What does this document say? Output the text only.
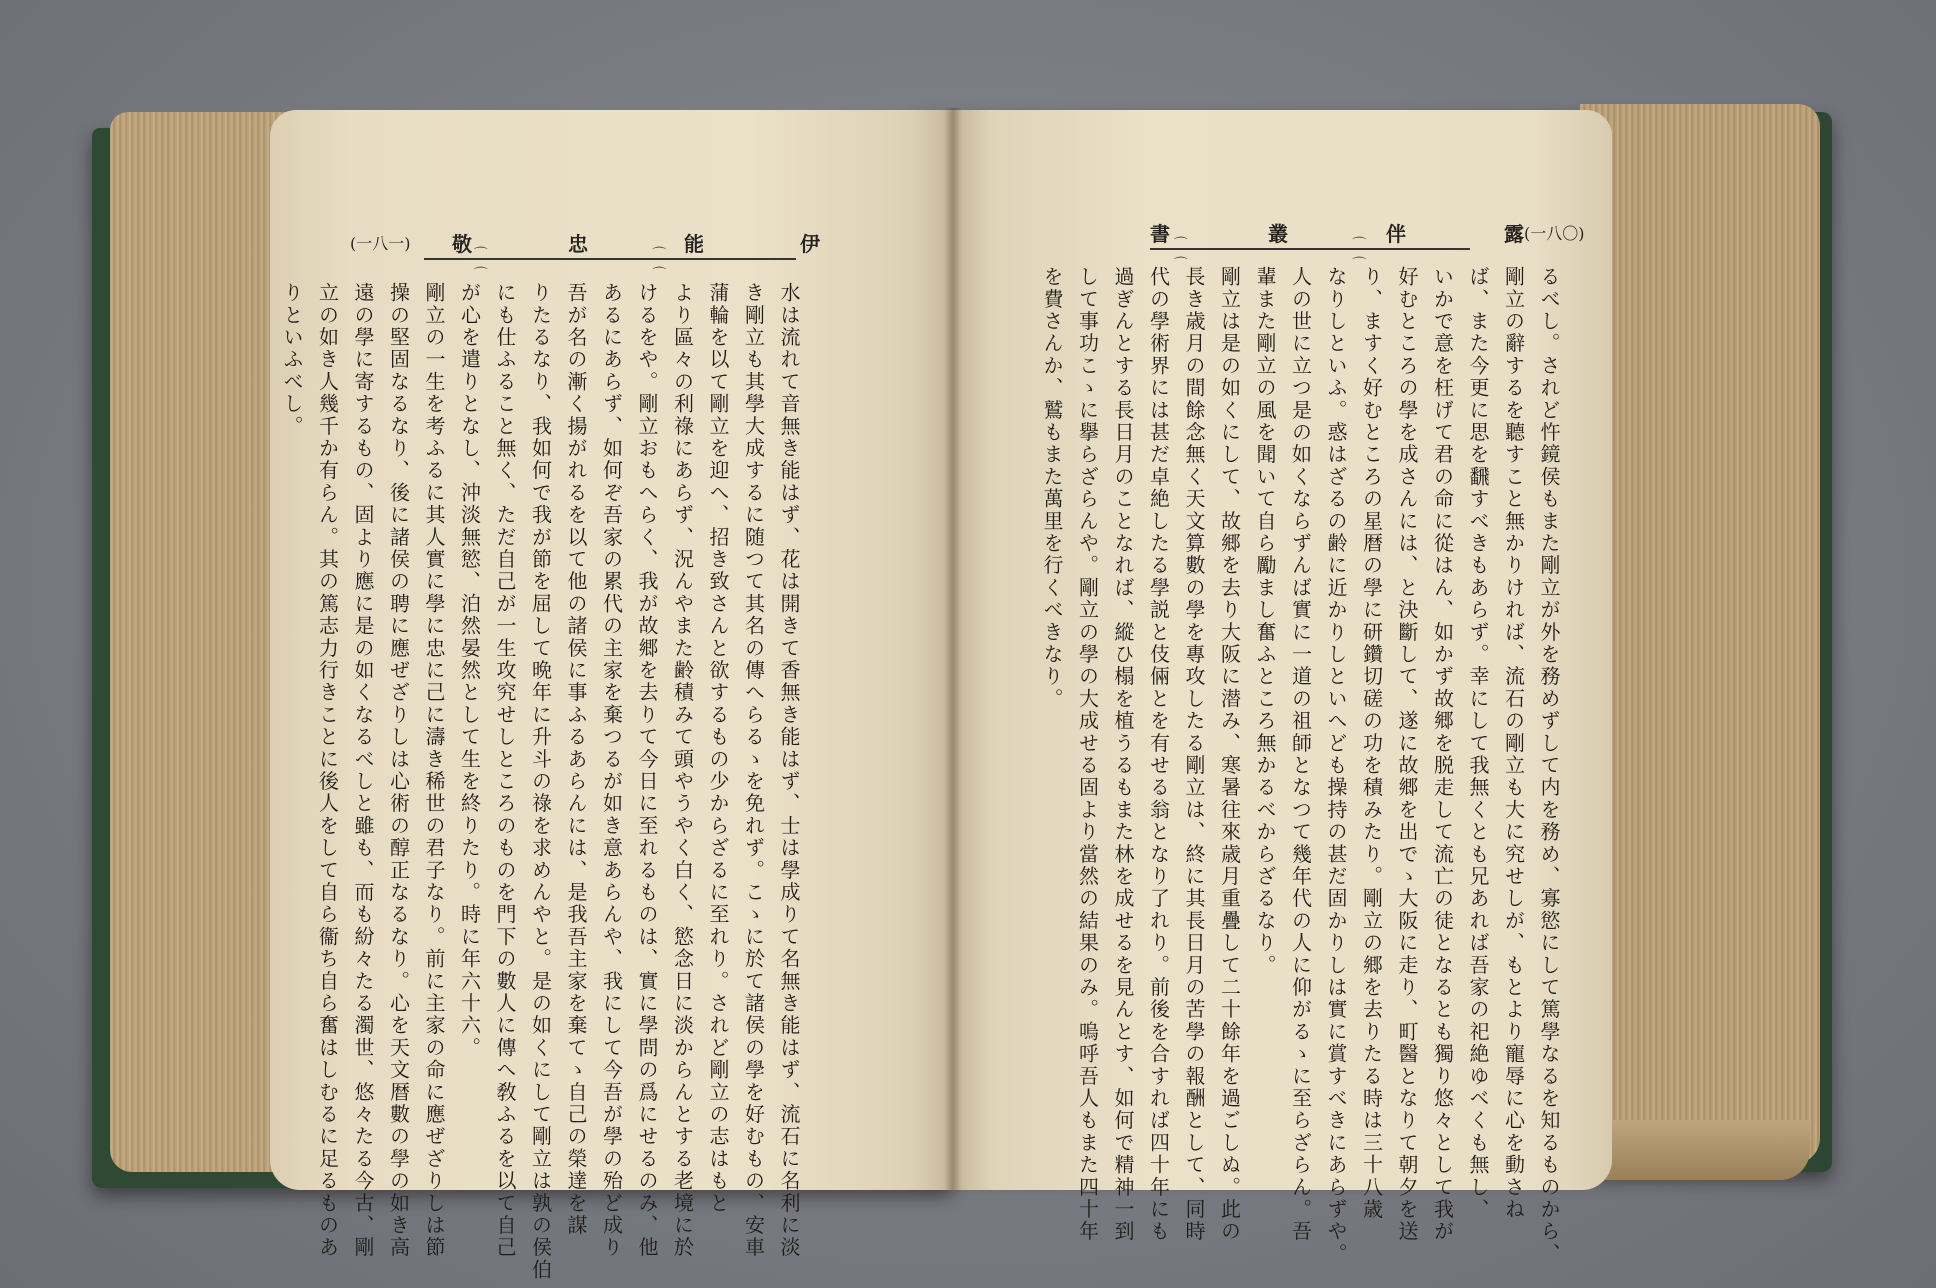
(一八一) 敬	忠	能	伊
⌒ ⌒ ⌒ ⌒	書	叢	伴	露 (一八〇)
⌒ ⌒ ⌒ ⌒
水は流れて音無き能はず、花は開きて香無き能はず、士は學成りて名無き能はず、流石に名利に淡
き剛立も其學大成するに随つて其名の傳へらるゝを免れず。こゝに於て諸侯の學を好むもの、安車
蒲輪を以て剛立を迎へ、招き致さんと欲するもの少からざるに至れり。されど剛立の志はもと
より區々の利祿にあらず、況んやまた齢積みて頭やうやく白く、慾念日に淡からんとする老境に於
けるをや。剛立おもへらく、我が故郷を去りて今日に至れるものは、實に學問の爲にせるのみ、他
あるにあらず、如何ぞ吾家の累代の主家を棄つるが如き意あらんや、我にして今吾が學の殆ど成り
吾が名の漸く揚がれるを以て他の諸侯に事ふるあらんには、是我吾主家を棄てゝ自己の榮達を謀
りたるなり、我如何で我が節を屈して晩年に升斗の祿を求めんやと。是の如くにして剛立は孰の侯伯
にも仕ふること無く、ただ自己が一生攻究せしところのものを門下の數人に傳へ敎ふるを以て自己
が心を遣りとなし、沖淡無慾、泊然晏然として生を終りたり。時に年六十六。
剛立の一生を考ふるに其人實に學に忠に己に濤き稀世の君子なり。前に主家の命に應ぜざりしは節
操の堅固なるなり、後に諸侯の聘に應ぜざりしは心術の醇正なるなり。心を天文暦數の學の如き高
遠の學に寄するもの、固より應に是の如くなるべしと雖も、而も紛々たる濁世、悠々たる今古、剛
立の如き人幾千か有らん。其の篤志力行きことに後人をして自ら衞ち自ら奮はしむるに足るものあ
りといふべし。	るべし。されど忤鏡侯もまた剛立が外を務めずして内を務め、寡慾にして篤學なるを知るものから、
剛立の辭するを聽すこと無かりければ、流石の剛立も大に究せしが、もとより寵辱に心を動さね
ば、また今更に思を飜すべきもあらず。幸にして我無くとも兄あれば吾家の祀絶ゆべくも無し、
いかで意を枉げて君の命に從はん、如かず故郷を脱走して流亡の徒となるとも獨り悠々として我が
好むところの學を成さんには、と決斷して、遂に故郷を出でゝ大阪に走り、町醫となりて朝夕を送
り、ますく好むところの星暦の學に研鑽切磋の功を積みたり。剛立の郷を去りたる時は三十八歳
なりしといふ。惑はざるの齢に近かりしといへども操持の甚だ固かりしは實に賞すべきにあらずや。
人の世に立つ是の如くならずんば實に一道の祖師となつて幾年代の人に仰がるゝに至らざらん。吾
輩また剛立の風を聞いて自ら勵まし奮ふところ無かるべからざるなり。
剛立は是の如くにして、故郷を去り大阪に潜み、寒暑往來歳月重疊して二十餘年を過ごしぬ。此の
長き歳月の間餘念無く天文算數の學を專攻したる剛立は、終に其長日月の苦學の報酬として、同時
代の學術界には甚だ卓絶したる學説と伎倆とを有せる翁となり了れり。前後を合すれば四十年にも
過ぎんとする長日月のことなれば、縱ひ榻を植うるもまた林を成せるを見んとす、如何で精神一到
して事功こゝに擧らざらんや。剛立の學の大成せる固より當然の結果のみ。嗚呼吾人もまた四十年
を費さんか、鷲もまた萬里を行くべきなり。
